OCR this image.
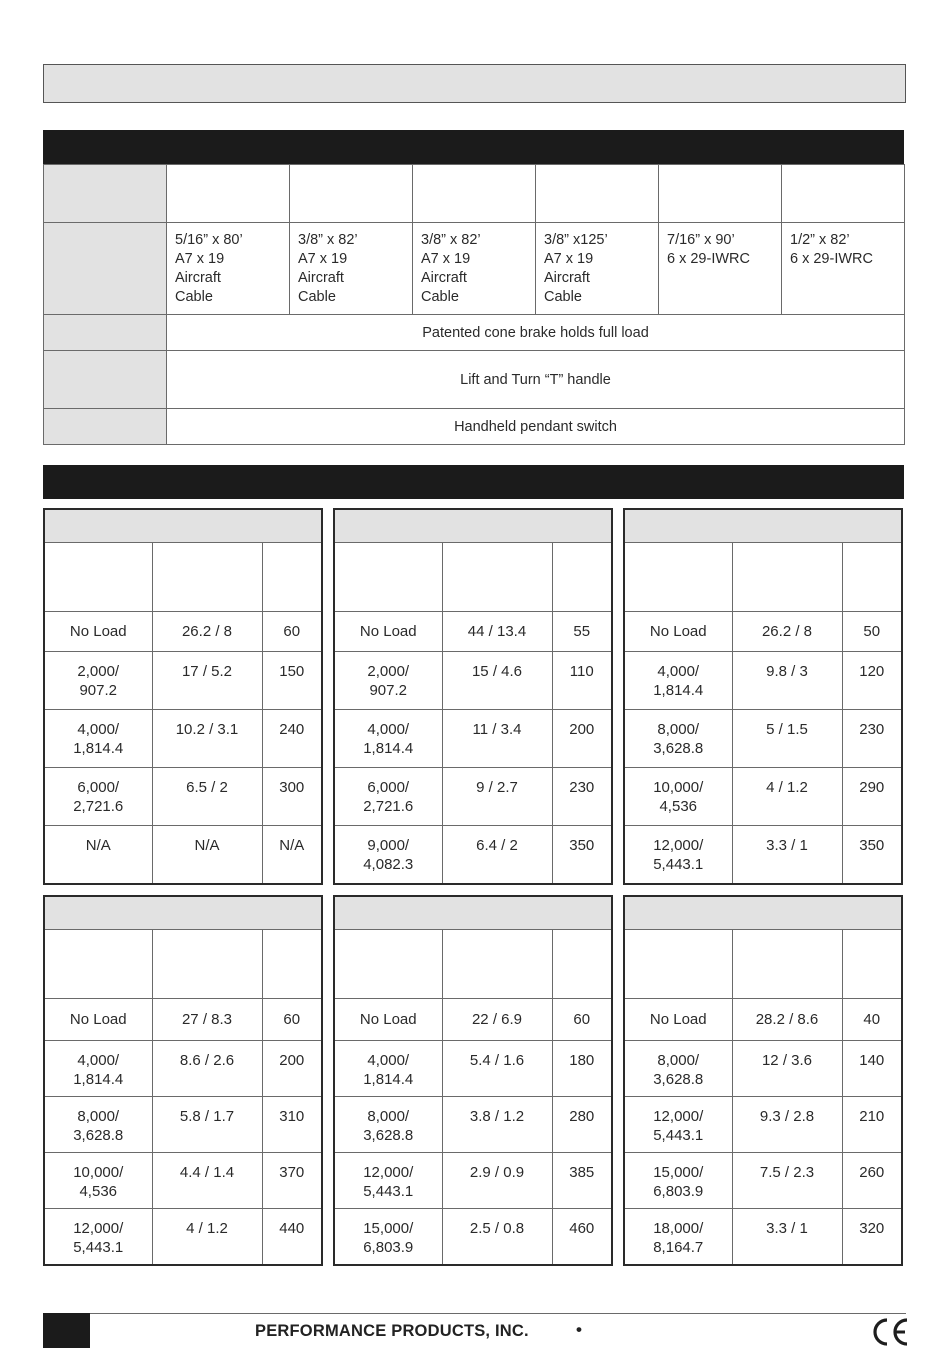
	5/16” x 80’
A7 x 19
Aircraft
Cable	3/8” x 82’
A7 x 19
Aircraft
Cable	3/8” x 82’
A7 x 19
Aircraft
Cable	3/8” x125’
A7 x 19
Aircraft
Cable	7/16” x 90’
6 x 29-IWRC	1/2” x 82’
6 x 29-IWRC

	Patented cone brake holds full load					
	Lift and Turn “T” handle					
	Handheld pendant switch					

No Load	26.2 / 8	60

2,000/
907.2	17 / 5.2	150

4,000/
1,814.4	10.2 / 3.1	240

6,000/
2,721.6	6.5 / 2	300

N/A	N/A	N/A

No Load	44 / 13.4	55

2,000/
907.2	15 / 4.6	110

4,000/
1,814.4	11 / 3.4	200

6,000/
2,721.6	9 / 2.7	230

9,000/
4,082.3	6.4 / 2	350

No Load	26.2 / 8	50

4,000/
1,814.4	9.8 / 3	120

8,000/
3,628.8	5 / 1.5	230

10,000/
4,536	4 / 1.2	290

12,000/
5,443.1	3.3 / 1	350

No Load	27 / 8.3	60

4,000/
1,814.4	8.6 / 2.6	200

8,000/
3,628.8	5.8 / 1.7	310

10,000/
4,536	4.4 / 1.4	370

12,000/
5,443.1	4 / 1.2	440

No Load	22 / 6.9	60

4,000/
1,814.4	5.4 / 1.6	180

8,000/
3,628.8	3.8 / 1.2	280

12,000/
5,443.1	2.9 / 0.9	385

15,000/
6,803.9	2.5 / 0.8	460

No Load	28.2 / 8.6	40

8,000/
3,628.8	12 / 3.6	140

12,000/
5,443.1	9.3 / 2.8	210

15,000/
6,803.9	7.5 / 2.3	260

18,000/
8,164.7	3.3 / 1	320
PERFORMANCE PRODUCTS, INC.	•
